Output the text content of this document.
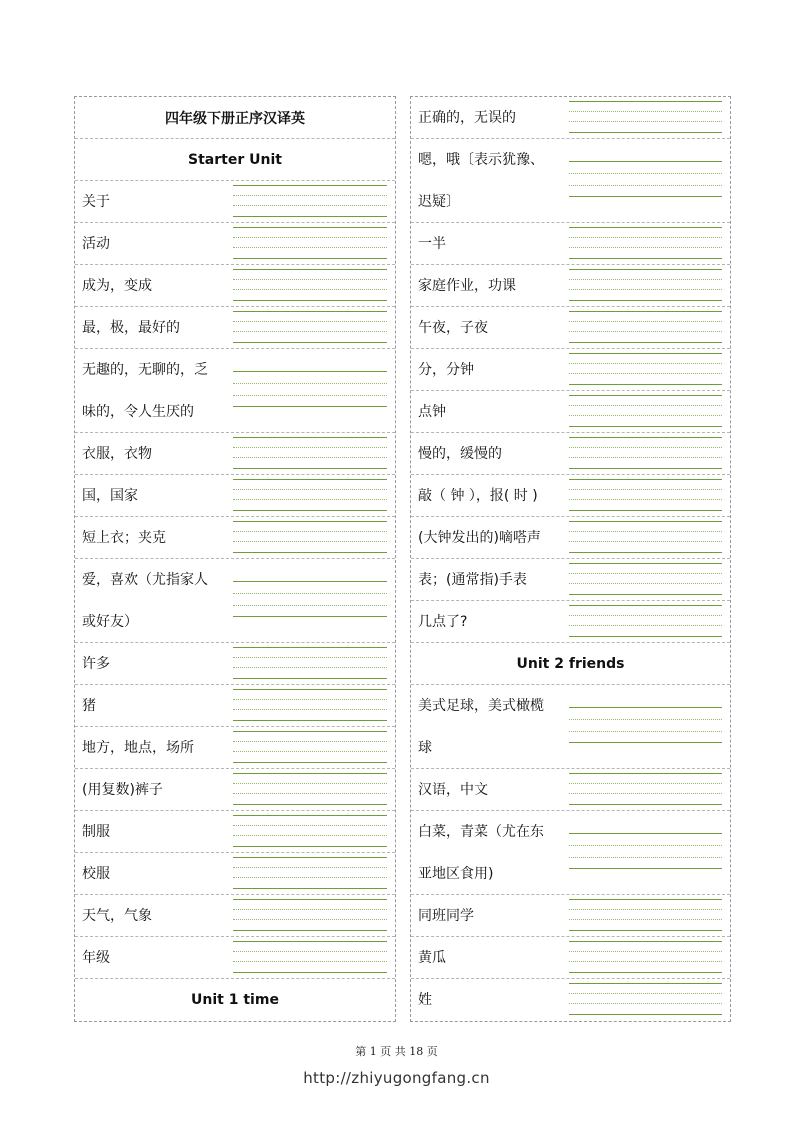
四年级下册正序汉译英
Starter Unit
关于
活动
成为，变成
最，极，最好的
无趣的，无聊的，乏
味的，令人生厌的
衣服，衣物
国，国家
短上衣；夹克
爱，喜欢（尤指家人
或好友）
许多
猪
地方，地点，场所
(用复数)裤子
制服
校服
天气，气象
年级
Unit 1 time
正确的，无误的
嗯，哦〔表示犹豫、
迟疑〕
一半
家庭作业，功课
午夜，子夜
分，分钟
点钟
慢的，缓慢的
敲（ 钟 ），报( 时 )
(大钟发出的)嘀嗒声
表；(通常指)手表
几点了?
Unit 2 friends
美式足球，美式橄榄
球
汉语，中文
白菜，青菜（尤在东
亚地区食用)
同班同学
黄瓜
姓
第 1 页 共 18 页
http://zhiyugongfang.cn
